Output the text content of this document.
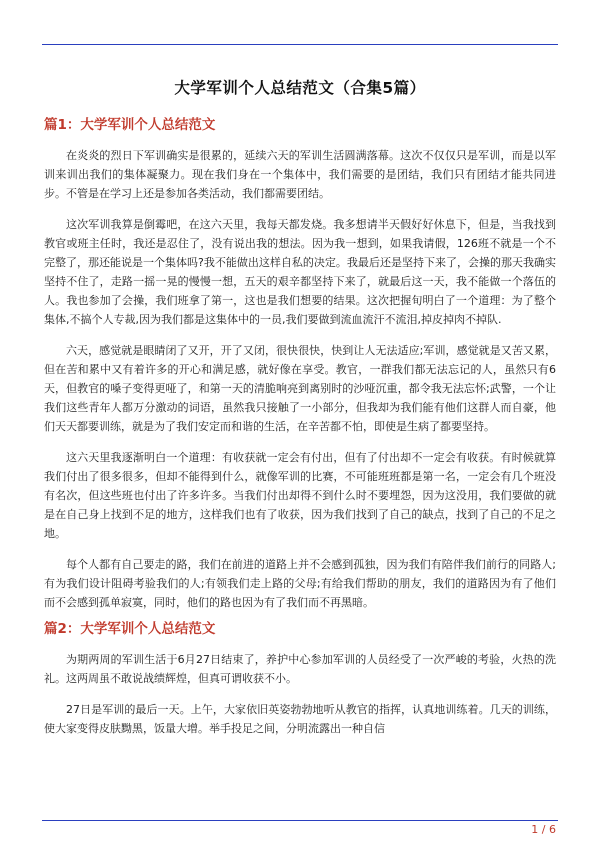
大学军训个人总结范文（合集5篇）
篇1：大学军训个人总结范文

在炎炎的烈日下军训确实是很累的，延续六天的军训生活圆满落幕。这次不仅仅只是军训，而是以军训来训出我们的集体凝聚力。现在我们身在一个集体中，我们需要的是团结，我们只有团结才能共同进步。不管是在学习上还是参加各类活动，我们都需要团结。

这次军训我算是倒霉吧，在这六天里，我每天都发烧。我多想请半天假好好休息下，但是，当我找到教官或班主任时，我还是忍住了，没有说出我的想法。因为我一想到，如果我请假，126班不就是一个不完整了，那还能说是一个集体吗?我不能做出这样自私的决定。我最后还是坚持下来了，会操的那天我确实坚持不住了，走路一摇一晃的慢慢一想，五天的艰辛都坚持下来了，就最后这一天，我不能做一个落伍的人。我也参加了会操，我们班拿了第一，这也是我们想要的结果。这次把握旬明白了一个道理：为了整个集体,不搞个人专裁,因为我们都是这集体中的一员,我们要做到流血流汗不流泪,掉皮掉肉不掉队.

六天，感觉就是眼睛闭了又开，开了又闭，很快很快，快到让人无法适应;军训，感觉就是又苦又累，但在苦和累中又有着许多的开心和满足感，就好像在享受。教官，一群我们都无法忘记的人，虽然只有6天，但教官的嗓子变得更哑了，和第一天的清脆响亮到离别时的沙哑沉重，都令我无法忘怀;武警，一个让我们这些青年人都万分激动的词语，虽然我只接触了一小部分，但我却为我们能有他们这群人而自豪，他们天天都要训练，就是为了我们安定而和谐的生活，在辛苦都不怕，即使是生病了都要坚持。

这六天里我逐渐明白一个道理：有收获就一定会有付出，但有了付出却不一定会有收获。有时候就算我们付出了很多很多，但却不能得到什么，就像军训的比赛，不可能班班都是第一名，一定会有几个班没有名次，但这些班也付出了许多许多。当我们付出却得不到什么时不要埋怨，因为这没用，我们要做的就是在自己身上找到不足的地方，这样我们也有了收获，因为我们找到了自己的缺点，找到了自己的不足之地。

每个人都有自己要走的路，我们在前进的道路上并不会感到孤独，因为我们有陪伴我们前行的同路人;有为我们设计阻碍考验我们的人;有领我们走上路的父母;有给我们帮助的朋友，我们的道路因为有了他们而不会感到孤单寂寞，同时，他们的路也因为有了我们而不再黑暗。

篇2：大学军训个人总结范文

为期两周的军训生活于6月27日结束了，养护中心参加军训的人员经受了一次严峻的考验，火热的洗礼。这两周虽不敢说战绩辉煌，但真可谓收获不小。

27日是军训的最后一天。上午，大家依旧英姿勃勃地听从教官的指挥，认真地训练着。几天的训练，使大家变得皮肤黝黑，饭量大增。举手投足之间，分明流露出一种自信

1 / 6
